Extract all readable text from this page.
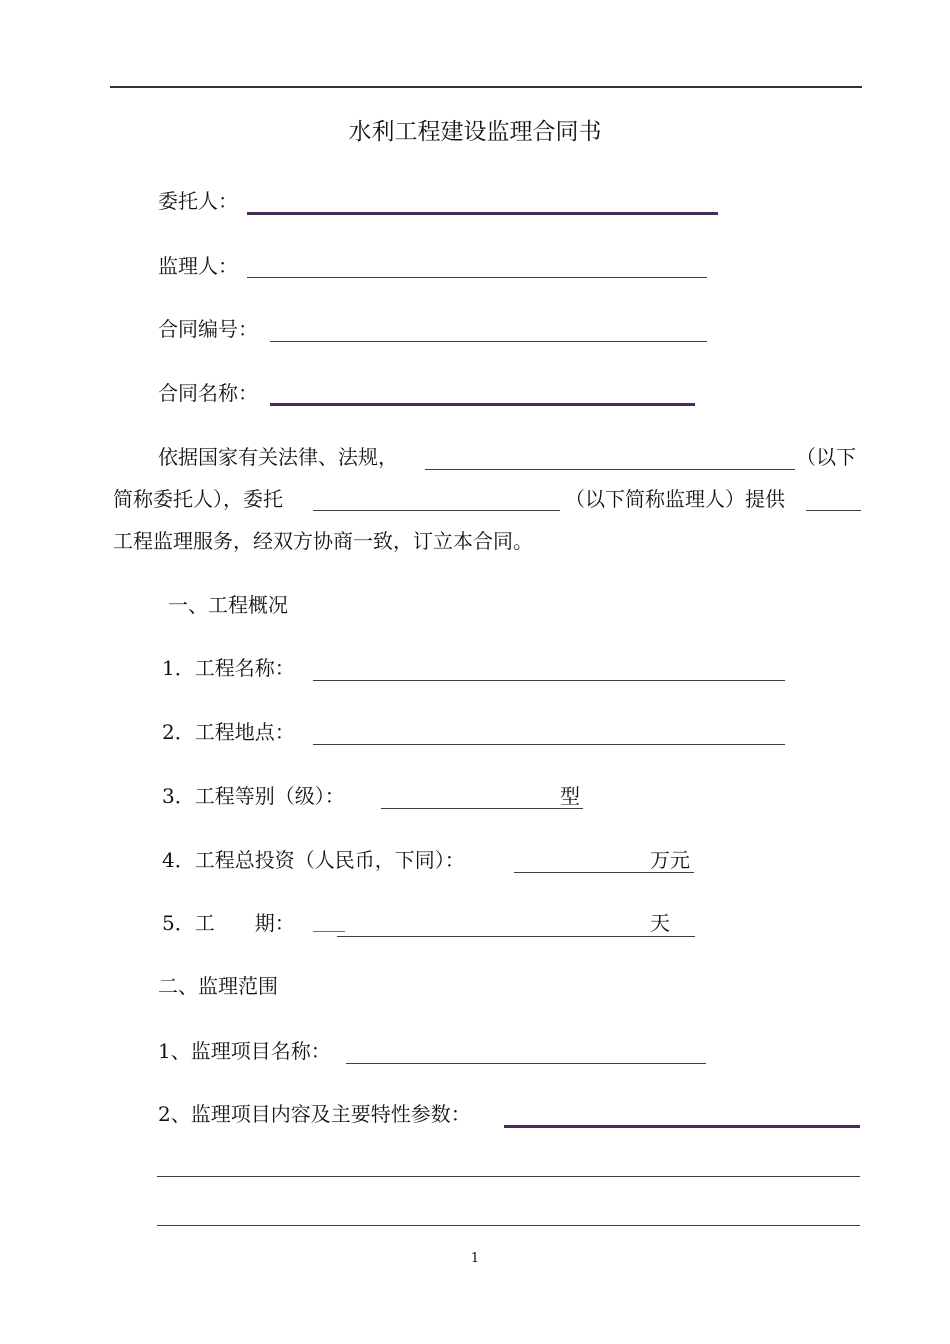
水利工程建设监理合同书
委托人：
监理人：
合同编号：
合同名称：
依据国家有关法律、法规，	（以下
简称委托人），委托	（以下简称监理人）提供
工程监理服务，经双方协商一致，订立本合同。
一、工程概况
1．工程名称：
2．工程地点：
3．工程等别（级）：	型
4．工程总投资（人民币，下同）：	万元
5．工　　期： ____	天
二、监理范围
1、监理项目名称：
2、监理项目内容及主要特性参数：
1
